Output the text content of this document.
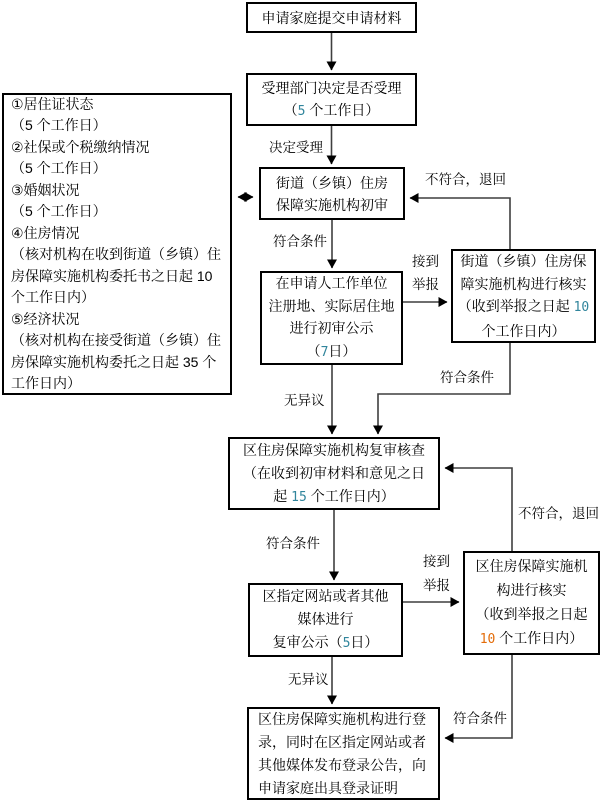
申请家庭提交申请材料
受理部门决定是否受理
（5 个工作日）
街道（乡镇）住房
保障实施机构初审
①居住证状态
（5 个工作日）
②社保或个税缴纳情况
（5 个工作日）
③婚姻状况
（5 个工作日）
④住房情况
（核对机构在收到街道（乡镇）住房保障实施机构委托书之日起 10 个工作日内）
⑤经济状况
（核对机构在接受街道（乡镇）住房保障实施机构委托之日起 35 个工作日内）
在申请人工作单位
注册地、实际居住地
进行初审公示
（7日）
街道（乡镇）住房保
障实施机构进行核实
（收到举报之日起 10
个工作日内）
区住房保障实施机构复审核查
（在收到初审材料和意见之日
起 15 个工作日内）
区指定网站或者其他
媒体进行
复审公示（5日）
区住房保障实施机
构进行核实
（收到举报之日起
10 个工作日内）
区住房保障实施机构进行登录，同时在区指定网站或者其他媒体发布登录公告，向申请家庭出具登录证明
决定受理
不符合，退回
符合条件
接到
举报
符合条件
无异议
不符合，退回
符合条件
接到
举报
无异议
符合条件
